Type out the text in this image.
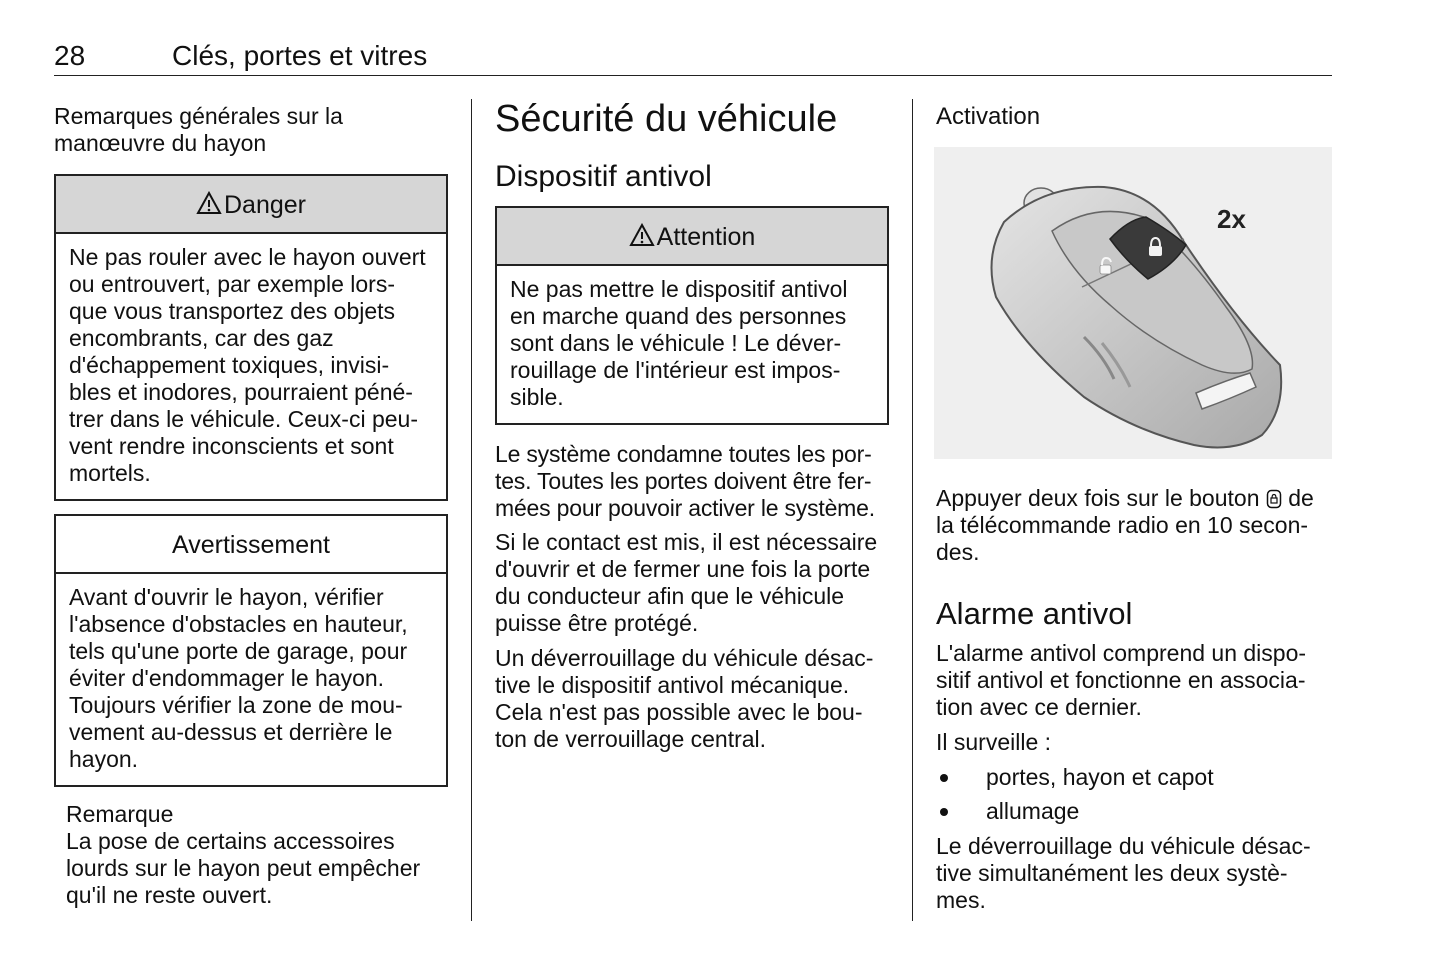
28	Clés, portes et vitres
Remarques générales sur la
manœuvre du hayon
Danger
Ne pas rouler avec le hayon ouvert
ou entrouvert, par exemple lors-
que vous transportez des objets
encombrants, car des gaz
d'échappement toxiques, invisi-
bles et inodores, pourraient péné-
trer dans le véhicule. Ceux-ci peu-
vent rendre inconscients et sont
mortels.
Avertissement
Avant d'ouvrir le hayon, vérifier
l'absence d'obstacles en hauteur,
tels qu'une porte de garage, pour
éviter d'endommager le hayon.
Toujours vérifier la zone de mou-
vement au-dessus et derrière le
hayon.
Remarque
La pose de certains accessoires
lourds sur le hayon peut empêcher
qu'il ne reste ouvert.
Sécurité du véhicule
Dispositif antivol
Attention
Ne pas mettre le dispositif antivol
en marche quand des personnes
sont dans le véhicule ! Le déver-
rouillage de l'intérieur est impos-
sible.
Le système condamne toutes les por-
tes. Toutes les portes doivent être fer-
mées pour pouvoir activer le système.
Si le contact est mis, il est nécessaire
d'ouvrir et de fermer une fois la porte
du conducteur afin que le véhicule
puisse être protégé.
Un déverrouillage du véhicule désac-
tive le dispositif antivol mécanique.
Cela n'est pas possible avec le bou-
ton de verrouillage central.
Activation
2x
Appuyer deux fois sur le bouton de
la télécommande radio en 10 secon-
des.
Alarme antivol
L'alarme antivol comprend un dispo-
sitif antivol et fonctionne en associa-
tion avec ce dernier.
Il surveille :
portes, hayon et capot
allumage
Le déverrouillage du véhicule désac-
tive simultanément les deux systè-
mes.
